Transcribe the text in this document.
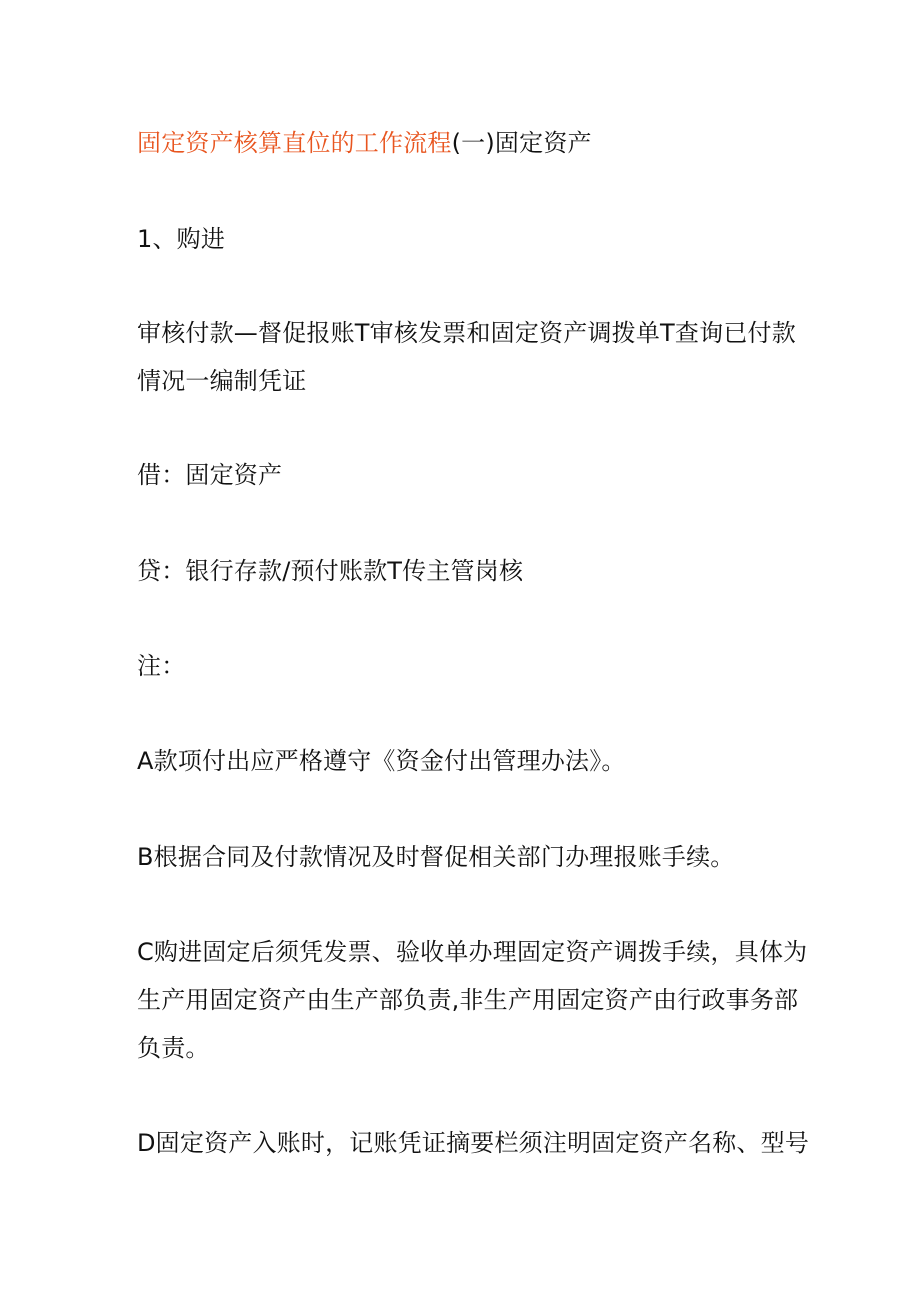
固定资产核算直位的工作流程(一)固定资产
1、购进
审核付款—督促报账T审核发票和固定资产调拨单T查询已付款
情况一编制凭证
借：固定资产
贷：银行存款/预付账款T传主管岗核
注：
A款项付出应严格遵守《资金付出管理办法》。
B根据合同及付款情况及时督促相关部门办理报账手续。
C购进固定后须凭发票、验收单办理固定资产调拨手续，具体为
生产用固定资产由生产部负责,非生产用固定资产由行政事务部
负责。
D固定资产入账时，记账凭证摘要栏须注明固定资产名称、型号
